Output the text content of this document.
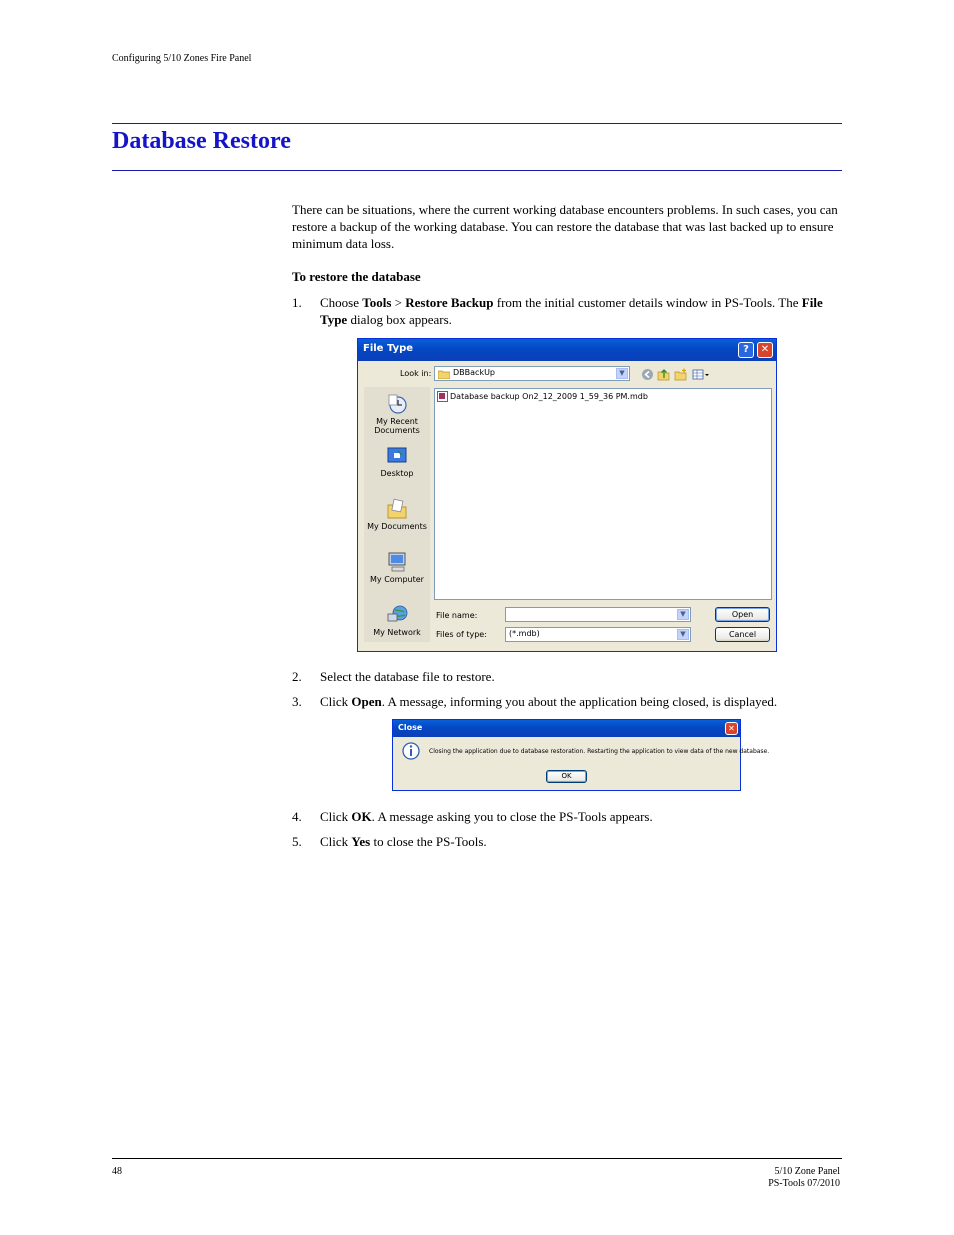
Configuring 5/10 Zones Fire Panel
Database Restore
There can be situations, where the current working database encounters problems. In such cases, you can restore a backup of the working database. You can restore the database that was last backed up to ensure minimum data loss.
To restore the database
1. Choose Tools > Restore Backup from the initial customer details window in PS-Tools. The File Type dialog box appears.
File Type	?	✕
Look in:	DBBackUp	▼
My Recent Documents
Desktop
My Documents
My Computer
My Network
Database backup On2_12_2009 1_59_36 PM.mdb
File name:	▼
Files of type:	(*.mdb)	▼
Open
Cancel
2. Select the database file to restore.
3. Click Open. A message, informing you about the application being closed, is displayed.
Close	✕
Closing the application due to database restoration. Restarting the application to view data of the new database.
OK
4. Click OK. A message asking you to close the PS-Tools appears.
5. Click Yes to close the PS-Tools.
48	5/10 Zone Panel
PS-Tools 07/2010
